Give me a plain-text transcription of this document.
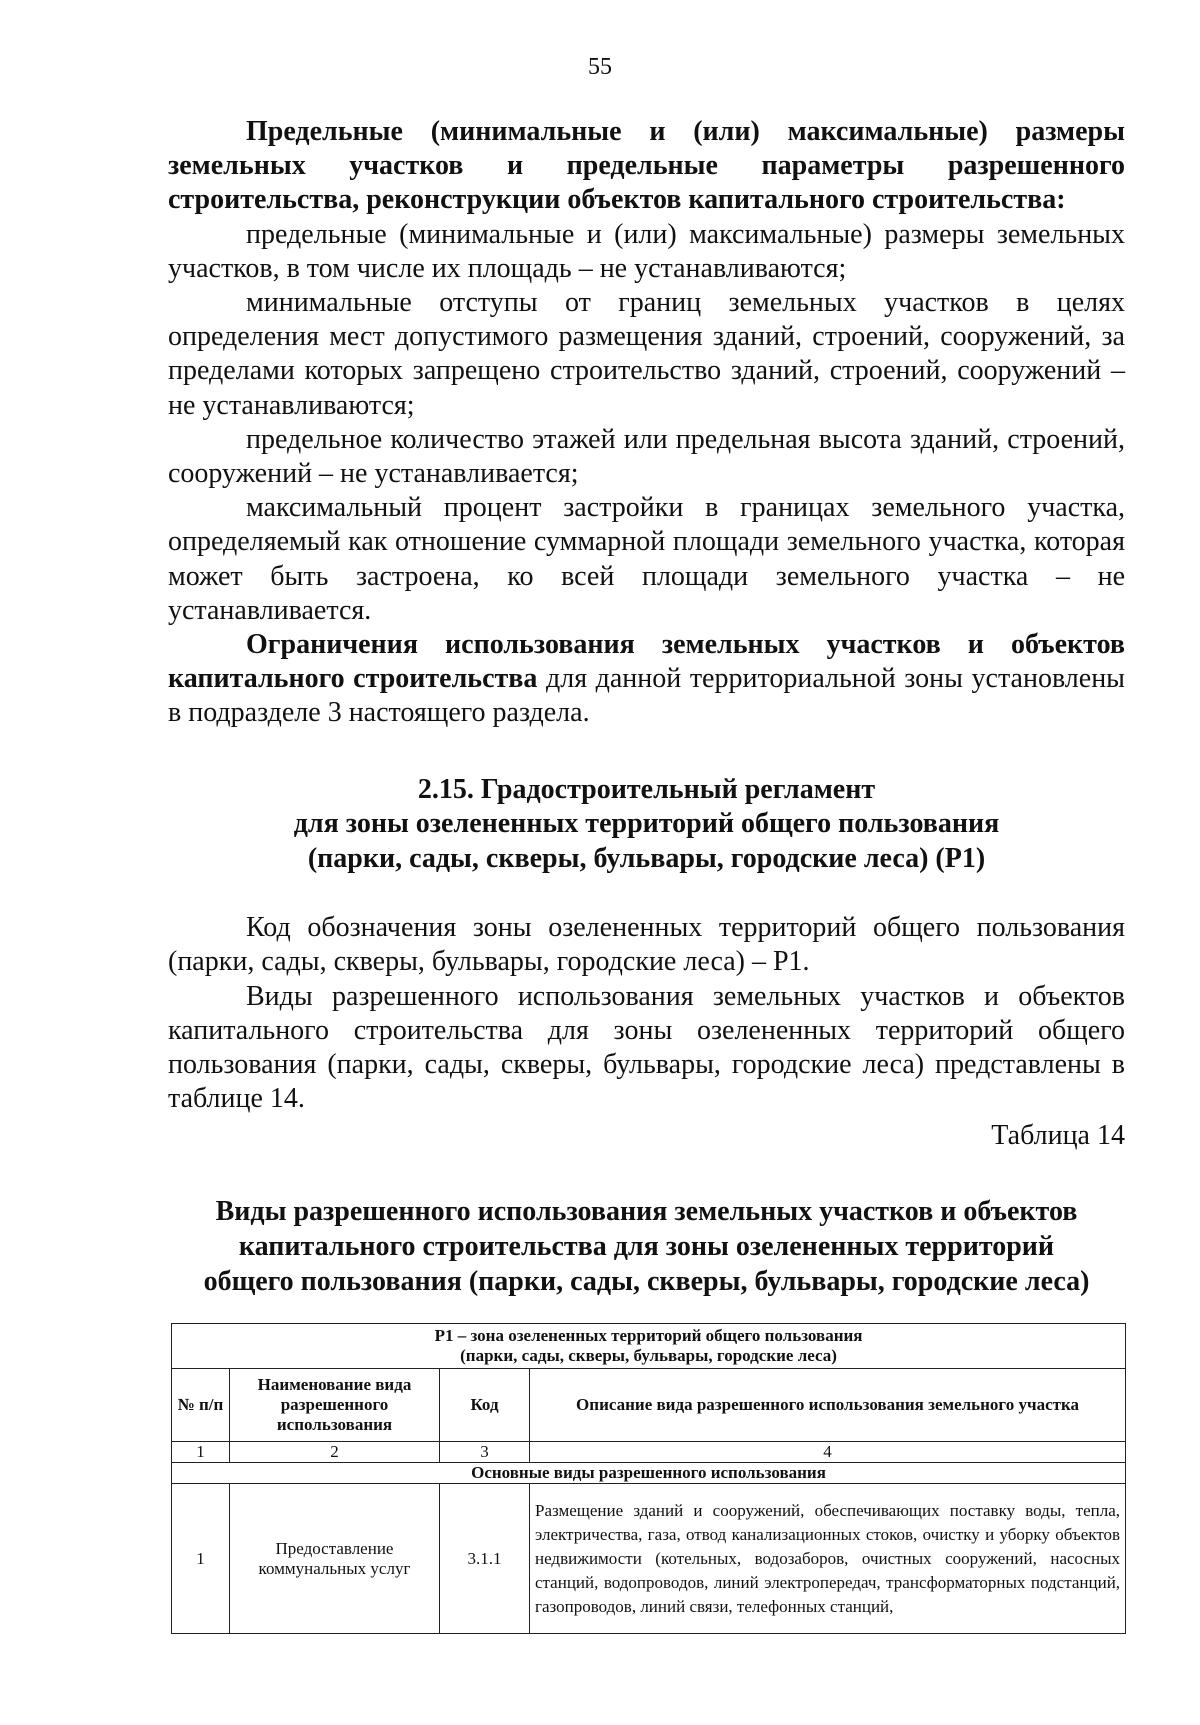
55

Предельные (минимальные и (или) максимальные) размеры земельных участков и предельные параметры разрешенного строительства, реконструкции объектов капитального строительства:

предельные (минимальные и (или) максимальные) размеры земельных участков, в том числе их площадь – не устанавливаются;

минимальные отступы от границ земельных участков в целях определения мест допустимого размещения зданий, строений, сооружений, за пределами которых запрещено строительство зданий, строений, сооружений – не устанавливаются;

предельное количество этажей или предельная высота зданий, строений, сооружений – не устанавливается;

максимальный процент застройки в границах земельного участка, определяемый как отношение суммарной площади земельного участка, которая может быть застроена, ко всей площади земельного участка – не устанавливается.

Ограничения использования земельных участков и объектов капитального строительства для данной территориальной зоны установлены в подразделе 3 настоящего раздела.

2.15. Градостроительный регламент
для зоны озелененных территорий общего пользования
(парки, сады, скверы, бульвары, городские леса) (Р1)

Код обозначения зоны озелененных территорий общего пользования (парки, сады, скверы, бульвары, городские леса) – Р1.

Виды разрешенного использования земельных участков и объектов капитального строительства для зоны озелененных территорий общего пользования (парки, сады, скверы, бульвары, городские леса) представлены в таблице 14.

Таблица 14
Виды разрешенного использования земельных участков и объектов
капитального строительства для зоны озелененных территорий
общего пользования (парки, сады, скверы, бульвары, городские леса)
Р1 – зона озелененных территорий общего пользования
(парки, сады, скверы, бульвары, городские леса)			

№ п/п	Наименование вида разрешенного использования	Код	Описание вида разрешенного использования земельного участка
1	2	3	4
Основные виды разрешенного использования			
1	Предоставление коммунальных услуг	3.1.1	Размещение зданий и сооружений, обеспечивающих поставку воды, тепла, электричества, газа, отвод канализационных стоков, очистку и уборку объектов недвижимости (котельных, водозаборов, очистных сооружений, насосных станций, водопроводов, линий электропередач, трансформаторных подстанций, газопроводов, линий связи, телефонных станций,
